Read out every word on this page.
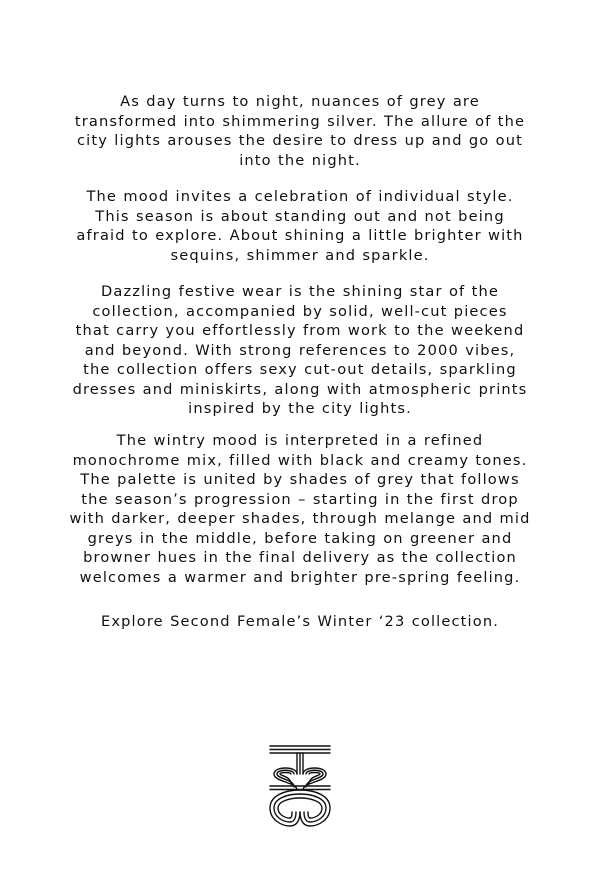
As day turns to night, nuances of grey are
transformed into shimmering silver. The allure of the
city lights arouses the desire to dress up and go out
into the night.
The mood invites a celebration of individual style.
This season is about standing out and not being
afraid to explore. About shining a little brighter with
sequins, shimmer and sparkle.
Dazzling festive wear is the shining star of the
collection, accompanied by solid, well-cut pieces
that carry you effortlessly from work to the weekend
and beyond. With strong references to 2000 vibes,
the collection offers sexy cut-out details, sparkling
dresses and miniskirts, along with atmospheric prints
inspired by the city lights.
The wintry mood is interpreted in a refined
monochrome mix, filled with black and creamy tones.
The palette is united by shades of grey that follows
the season’s progression – starting in the first drop
with darker, deeper shades, through melange and mid
greys in the middle, before taking on greener and
browner hues in the final delivery as the collection
welcomes a warmer and brighter pre-spring feeling.
Explore Second Female’s Winter ‘23 collection.
